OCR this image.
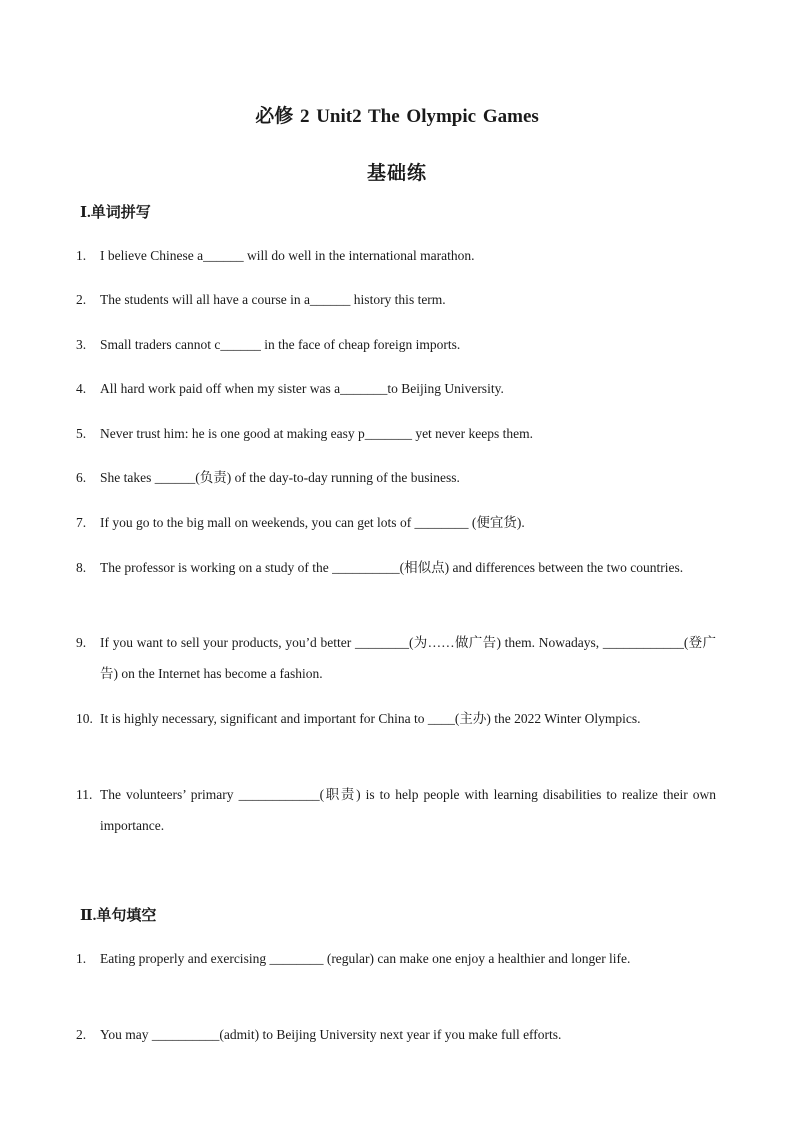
必修 2 Unit2 The Olympic Games
基础练
Ⅰ.单词拼写
1.	I believe Chinese a______ will do well in the international marathon.
2.	The students will all have a course in a______ history this term.
3.	Small traders cannot c______ in the face of cheap foreign imports.
4.	All hard work paid off when my sister was a_______to Beijing University.
5.	Never trust him: he is one good at making easy p_______ yet never keeps them.
6.	She takes ______(负责) of the day-to-day running of the business.
7.	If you go to the big mall on weekends, you can get lots of ________ (便宜货).
8.	The professor is working on a study of the __________(相似点) and differences between the two countries.
9.	If you want to sell your products, you’d better ________(为……做广告) them. Nowadays, ____________(登广告) on the Internet has become a fashion.
10. It is highly necessary, significant and important for China to ____(主办) the 2022 Winter Olympics.
11. The volunteers’ primary ____________(职责) is to help people with learning disabilities to realize their own importance.
Ⅱ.单句填空
1.	Eating properly and exercising ________ (regular) can make one enjoy a healthier and longer life.
2.	You may __________(admit) to Beijing University next year if you make full efforts.
